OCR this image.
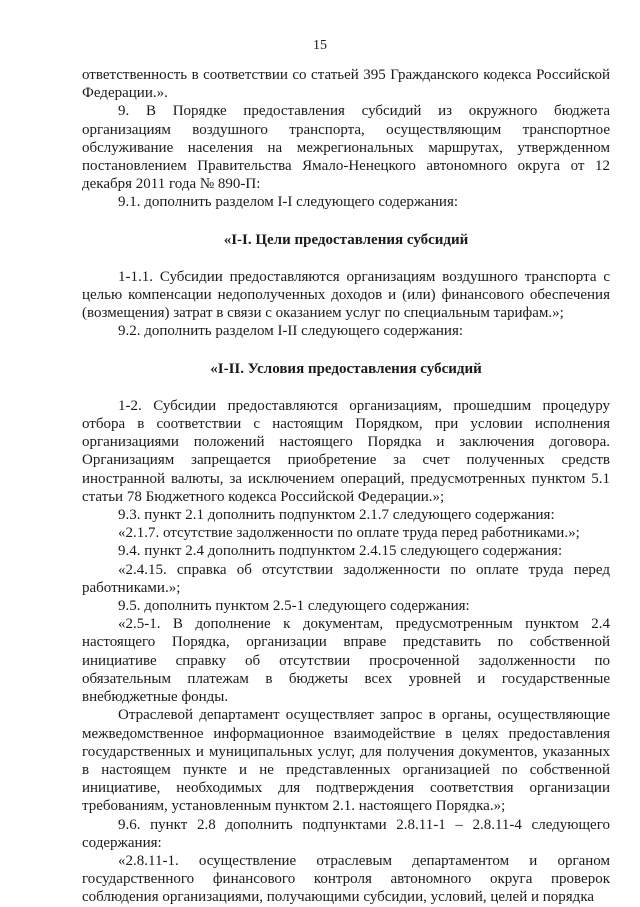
15

ответственность в соответствии со статьей 395 Гражданского кодекса Российской Федерации.».

9. В Порядке предоставления субсидий из окружного бюджета организациям воздушного транспорта, осуществляющим транспортное обслуживание населения на межрегиональных маршрутах, утвержденном постановлением Правительства Ямало-Ненецкого автономного округа от 12 декабря 2011 года № 890-П:

9.1. дополнить разделом I-I следующего содержания:

«I-I. Цели предоставления субсидий

1-1.1. Субсидии предоставляются организациям воздушного транспорта с целью компенсации недополученных доходов и (или) финансового обеспечения (возмещения) затрат в связи с оказанием услуг по специальным тарифам.»;

9.2. дополнить разделом I-II следующего содержания:

«I-II. Условия предоставления субсидий

1-2. Субсидии предоставляются организациям, прошедшим процедуру отбора в соответствии с настоящим Порядком, при условии исполнения организациями положений настоящего Порядка и заключения договора. Организациям запрещается приобретение за счет полученных средств иностранной валюты, за исключением операций, предусмотренных пунктом 5.1 статьи 78 Бюджетного кодекса Российской Федерации.»;

9.3. пункт 2.1 дополнить подпунктом 2.1.7 следующего содержания:

«2.1.7. отсутствие задолженности по оплате труда перед работниками.»;

9.4. пункт 2.4 дополнить подпунктом 2.4.15 следующего содержания:

«2.4.15. справка об отсутствии задолженности по оплате труда перед работниками.»;

9.5. дополнить пунктом 2.5-1 следующего содержания:

«2.5-1. В дополнение к документам, предусмотренным пунктом 2.4 настоящего Порядка, организации вправе представить по собственной инициативе справку об отсутствии просроченной задолженности по обязательным платежам в бюджеты всех уровней и государственные внебюджетные фонды.

Отраслевой департамент осуществляет запрос в органы, осуществляющие межведомственное информационное взаимодействие в целях предоставления государственных и муниципальных услуг, для получения документов, указанных в настоящем пункте и не представленных организацией по собственной инициативе, необходимых для подтверждения соответствия организации требованиям, установленным пунктом 2.1. настоящего Порядка.»;

9.6. пункт 2.8 дополнить подпунктами 2.8.11-1 – 2.8.11-4 следующего содержания:

«2.8.11-1. осуществление отраслевым департаментом и органом государственного финансового контроля автономного округа проверок соблюдения организациями, получающими субсидии, условий, целей и порядка
